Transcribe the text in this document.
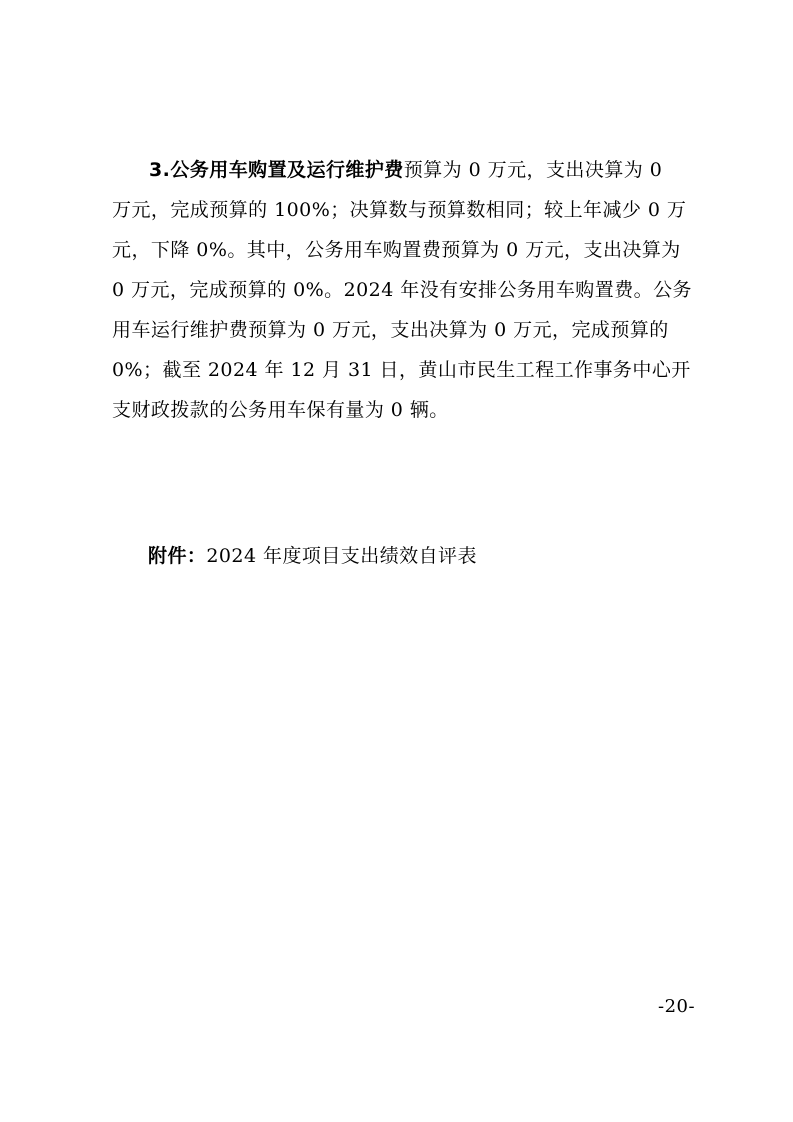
3.公务用车购置及运行维护费预算为 0 万元，支出决算为 0
万元，完成预算的 100%；决算数与预算数相同；较上年减少 0 万
元，下降 0%。其中，公务用车购置费预算为 0 万元，支出决算为
0 万元，完成预算的 0%。2024 年没有安排公务用车购置费。公务
用车运行维护费预算为 0 万元，支出决算为 0 万元，完成预算的
0%；截至 2024 年 12 月 31 日，黄山市民生工程工作事务中心开
支财政拨款的公务用车保有量为 0 辆。
附件：2024 年度项目支出绩效自评表
-20-
